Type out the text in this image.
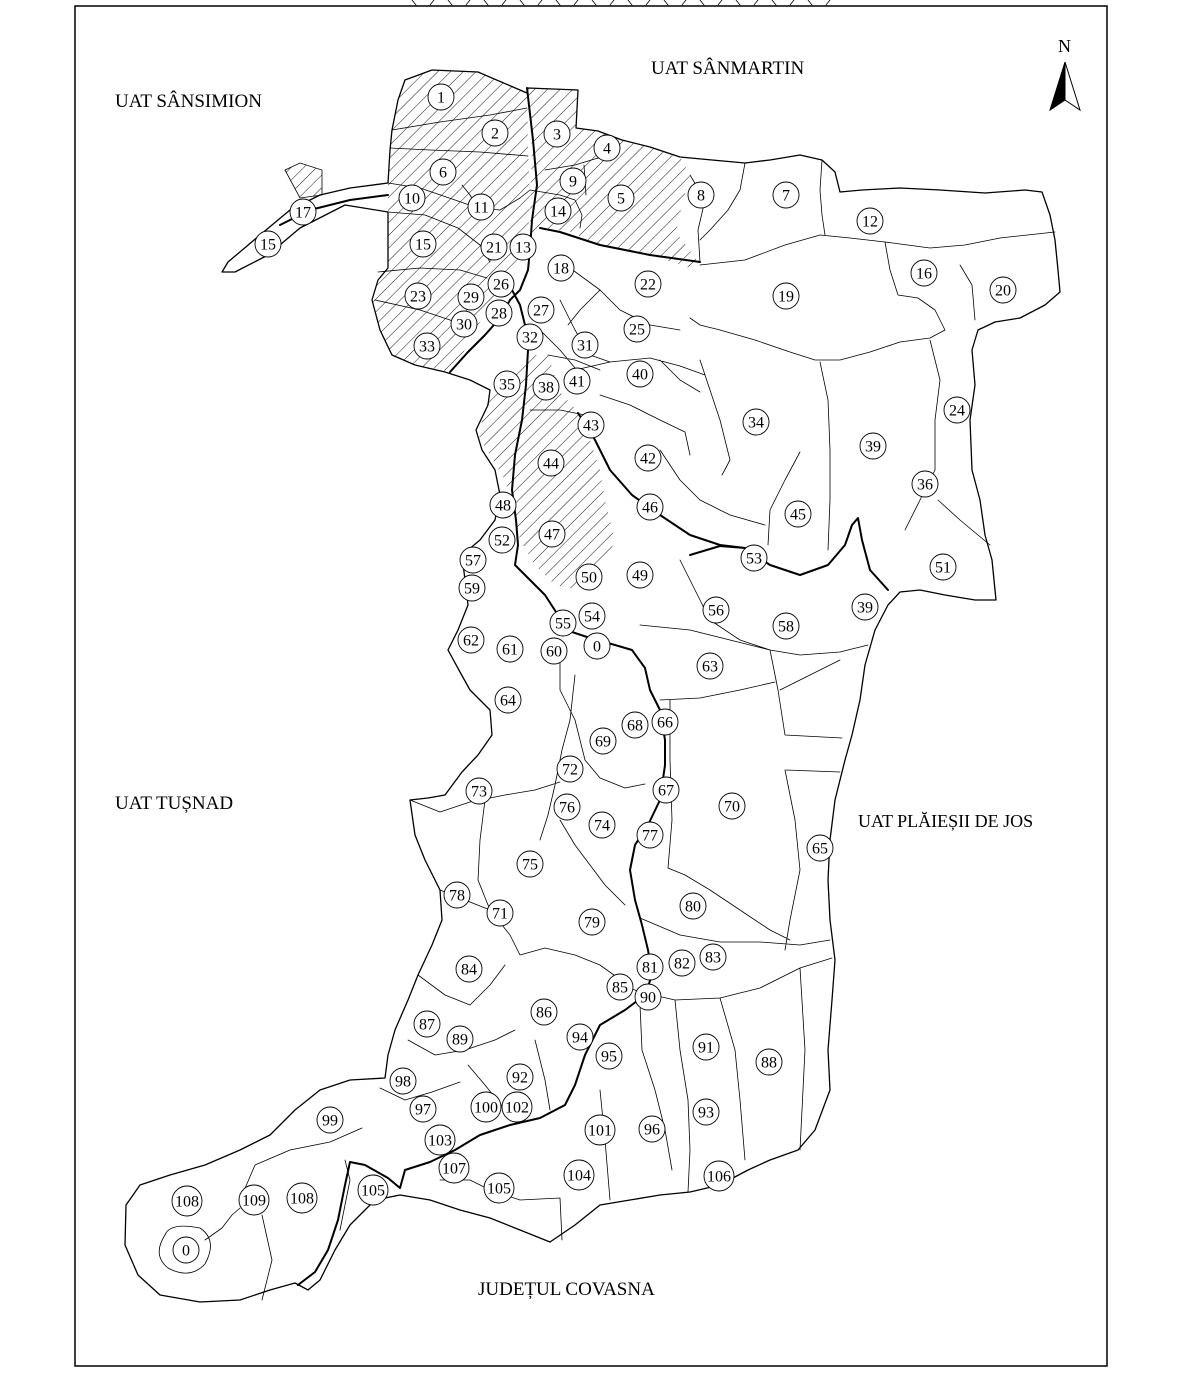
UAT SÂNSIMION
UAT SÂNMARTIN
UAT TUȘNAD
UAT PLĂIEȘII DE JOS
JUDEȚUL COVASNA
N
1
2	3
4
6
9
10
11	14
5	8	7
12
17
15	15	21 13
18
22
19
16
20
26
23 29
28 27
30	25
33
32 31
40
35 38 41
34
24
43
39
42
44
36
48	46	45
47
52
53
51
57
50 49
59
39
56
54
55	58
62
61 60 0
63
64
68 66
69
72
73	67
70
76
74
77
65
75
78
71
79
80
81 82 83
84
85
90
86
87
89	94
91
95	88
98	92
99
97	100 102	93
103
101 96
107	104	106
105	105
108	109 108
0
